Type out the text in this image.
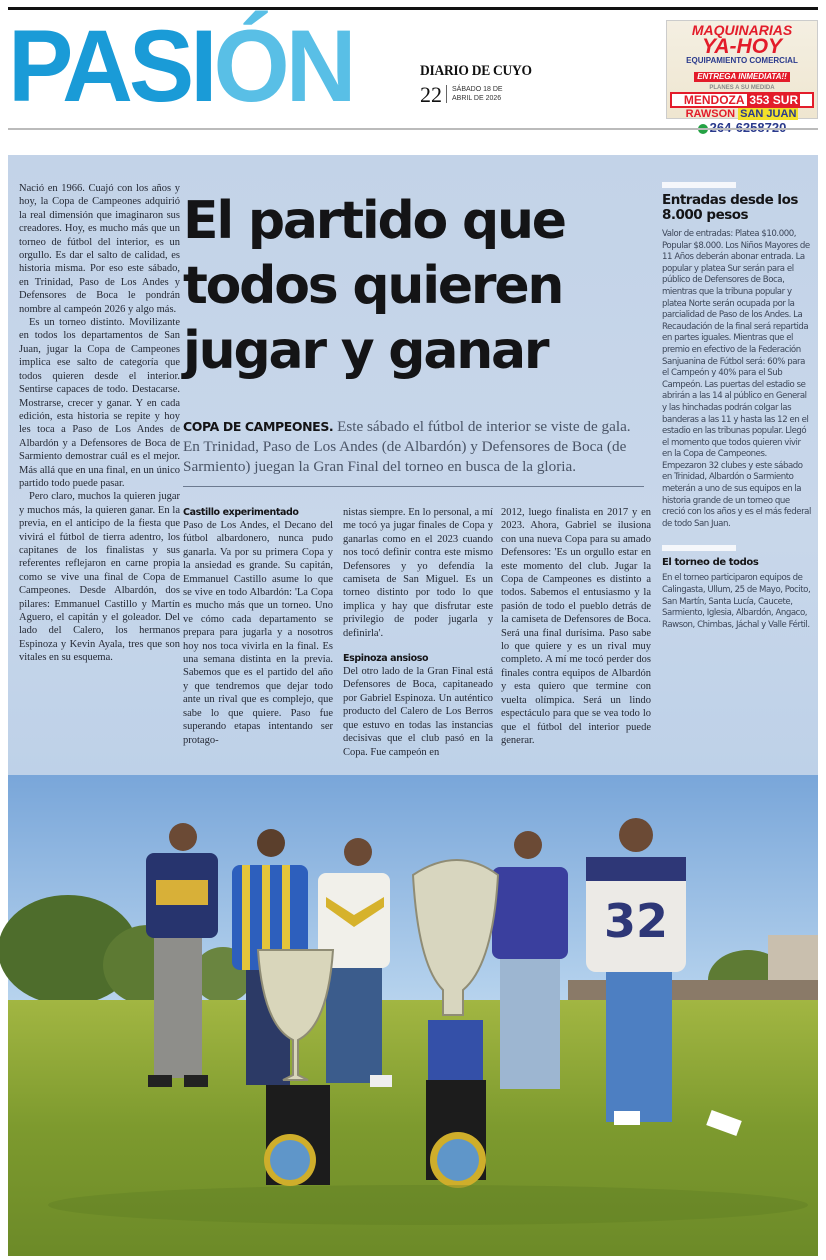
PASIÓN	DIARIO DE CUYO
22 SÁBADO 18 DE
ABRIL DE 2026
MAQUINARIAS
YA-HOY
EQUIPAMIENTO COMERCIAL
ENTREGA INMEDIATA!!
PLANES A SU MEDIDA
MENDOZA 353 SUR
RAWSON SAN JUAN

Nació en 1966. Cuajó con los años y hoy, la Copa de Campeones adquirió la real dimensión que imaginaron sus creadores. Hoy, es mucho más que un torneo de fútbol del interior, es un orgullo. Es dar el salto de calidad, es historia misma. Por eso este sábado, en Trinidad, Paso de Los Andes y Defensores de Boca le pondrán nombre al campeón 2026 y algo más.

Es un torneo distinto. Movilizante en todos los departamentos de San Juan, jugar la Copa de Campeones implica ese salto de categoría que todos quieren desde el interior. Sentirse capaces de todo. Destacarse. Mostrarse, crecer y ganar. Y en cada edición, esta historia se repite y hoy les toca a Paso de Los Andes de Albardón y a Defensores de Boca de Sarmiento demostrar cuál es el mejor. Más allá que en una final, en un único partido todo puede pasar.

Pero claro, muchos la quieren jugar y muchos más, la quieren ganar. En la previa, en el anticipo de la fiesta que vivirá el fútbol de tierra adentro, los capitanes de los finalistas y sus referentes reflejaron en carne propia como se vive una final de Copa de Campeones. Desde Albardón, dos pilares: Emmanuel Castillo y Martín Aguero, el capitán y el goleador. Del lado del Calero, los hermanos Espinoza y Kevin Ayala, tres que son vitales en su esquema.

El partido que
todos quieren
jugar y ganar
COPA DE CAMPEONES. Este sábado el fútbol de interior se viste de gala. En Trinidad, Paso de Los Andes (de Albardón) y Defensores de Boca (de Sarmiento) juegan la Gran Final del torneo en busca de la gloria.
Castillo experimentado

Paso de Los Andes, el Decano del fútbol albardonero, nunca pudo ganarla. Va por su primera Copa y la ansiedad es grande. Su capitán, Emmanuel Castillo asume lo que se vive en todo Albardón: 'La Copa es mucho más que un torneo. Uno ve cómo cada departamento se prepara para jugarla y a nosotros hoy nos toca vivirla en la final. Es una semana distinta en la previa. Sabemos que es el partido del año y que tendremos que dejar todo ante un rival que es complejo, que sabe lo que quiere. Paso fue superando etapas intentando ser protago-

nistas siempre. En lo personal, a mí me tocó ya jugar finales de Copa y ganarlas como en el 2023 cuando nos tocó definir contra este mismo Defensores y yo defendía la camiseta de San Miguel. Es un torneo distinto por todo lo que implica y hay que disfrutar este privilegio de poder jugarla y definirla'.

Espinoza ansioso

Del otro lado de la Gran Final está Defensores de Boca, capitaneado por Gabriel Espinoza. Un auténtico producto del Calero de Los Berros que estuvo en todas las instancias decisivas que el club pasó en la Copa. Fue campeón en

2012, luego finalista en 2017 y en 2023. Ahora, Gabriel se ilusiona con una nueva Copa para su amado Defensores: 'Es un orgullo estar en este momento del club. Jugar la Copa de Campeones es distinto a todos. Sabemos el entusiasmo y la pasión de todo el pueblo detrás de la camiseta de Defensores de Boca. Será una final durísima. Paso sabe lo que quiere y es un rival muy completo. A mí me tocó perder dos finales contra equipos de Albardón y esta quiero que termine con vuelta olímpica. Será un lindo espectáculo para que se vea todo lo que el fútbol del interior puede generar.

Entradas desde los 8.000 pesos

Valor de entradas: Platea $10.000, Popular $8.000. Los Niños Mayores de 11 Años deberán abonar entrada. La popular y platea Sur serán para el público de Defensores de Boca, mientras que la tribuna popular y platea Norte serán ocupada por la parcialidad de Paso de los Andes. La Recaudación de la final será repartida en partes iguales. Mientras que el premio en efectivo de la Federación Sanjuanina de Fútbol será: 60% para el Campeón y 40% para el Sub Campeón. Las puertas del estadio se abrirán a las 14 al público en General y las hinchadas podrán colgar las banderas a las 11 y hasta las 12 en el estadio en las tribunas popular. Llegó el momento que todos quieren vivir en la Copa de Campeones. Empezaron 32 clubes y este sábado en Trinidad, Albardón o Sarmiento meterán a uno de sus equipos en la historia grande de un torneo que creció con los años y es el más federal de todo San Juan.

El torneo de todos

En el torneo participaron equipos de Calingasta, Ullum, 25 de Mayo, Pocito, San Martín, Santa Lucía, Caucete, Sarmiento, Iglesia, Albardón, Angaco, Rawson, Chimbas, Jáchal y Valle Fértil.

32
